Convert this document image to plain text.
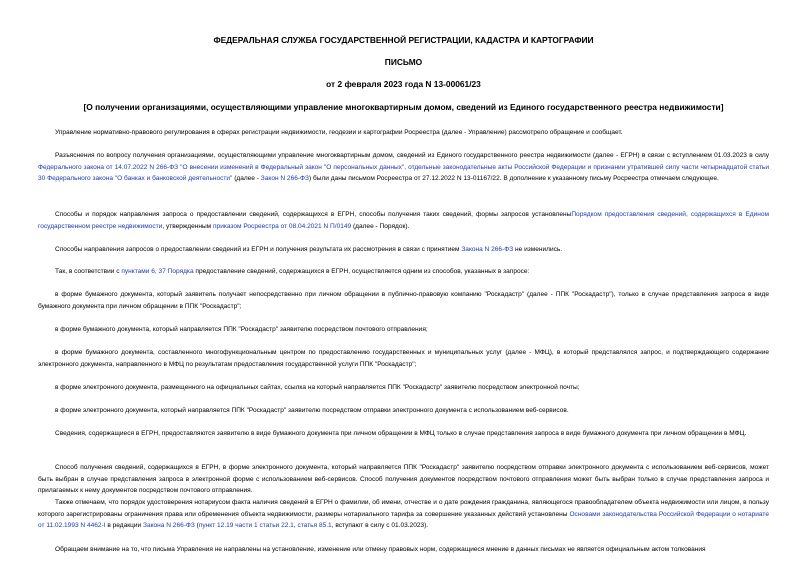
ФЕДЕРАЛЬНАЯ СЛУЖБА ГОСУДАРСТВЕННОЙ РЕГИСТРАЦИИ, КАДАСТРА И КАРТОГРАФИИ
ПИСЬМО
от 2 февраля 2023 года N 13-00061/23
[О получении организациями, осуществляющими управление многоквартирным домом, сведений из Единого государственного реестра недвижимости]

Управление нормативно-правового регулирования в сферах регистрации недвижимости, геодезии и картографии Росреестра (далее - Управление) рассмотрело обращение и сообщает.

Разъяснения по вопросу получения организациями, осуществляющими управление многоквартирным домом, сведений из Единого государственного реестра недвижимости (далее - ЕГРН) в связи с вступлением 01.03.2023 в силу Федерального закона от 14.07.2022 N 266-ФЗ "О внесении изменений в Федеральный закон "О персональных данных", отдельные законодательные акты Российской Федерации и признании утратившей силу части четырнадцатой статьи 30 Федерального закона "О банках и банковской деятельности" (далее - Закон N 266-ФЗ) были даны письмом Росреестра от 27.12.2022 N 13-01167/22. В дополнение к указанному письму Росреестра отмечаем следующее.

Способы и порядок направления запроса о предоставлении сведений, содержащихся в ЕГРН, способы получения таких сведений, формы запросов установленыПорядком предоставления сведений, содержащихся в Едином государственном реестре недвижимости, утвержденным приказом Росреестра от 08.04.2021 N П/0149 (далее - Порядок).

Способы направления запросов о предоставлении сведений из ЕГРН и получения результата их рассмотрения в связи с принятием Закона N 266-ФЗ не изменились.

Так, в соответствии с пунктами 6, 37 Порядка предоставление сведений, содержащихся в ЕГРН, осуществляется одним из способов, указанных в запросе:

в форме бумажного документа, который заявитель получает непосредственно при личном обращении в публично-правовую компанию "Роскадастр" (далее - ППК "Роскадастр"), только в случае представления запроса в виде бумажного документа при личном обращении в ППК "Роскадастр";

в форме бумажного документа, который направляется ППК "Роскадастр" заявителю посредством почтового отправления;

в форме бумажного документа, составленного многофункциональным центром по предоставлению государственных и муниципальных услуг (далее - МФЦ), в который представлялся запрос, и подтверждающего содержание электронного документа, направленного в МФЦ по результатам предоставления государственной услуги ППК "Роскадастр";

в форме электронного документа, размещенного на официальных сайтах, ссылка на который направляется ППК "Роскадастр" заявителю посредством электронной почты;

в форме электронного документа, который направляется ППК "Роскадастр" заявителю посредством отправки электронного документа с использованием веб-сервисов.

Сведения, содержащиеся в ЕГРН, предоставляются заявителю в виде бумажного документа при личном обращении в МФЦ только в случае представления запроса в виде бумажного документа при личном обращении в МФЦ.

Способ получения сведений, содержащихся в ЕГРН, в форме электронного документа, который направляется ППК "Роскадастр" заявителю посредством отправки электронного документа с использованием веб-сервисов, может быть выбран в случае представления запроса в электронной форме с использованием веб-сервисов. Способ получения документов посредством почтового отправления может быть выбран только в случае представления запроса и прилагаемых к нему документов посредством почтового отправления.

Также отмечаем, что порядок удостоверения нотариусом факта наличия сведений в ЕГРН о фамилии, об имени, отчестве и о дате рождения гражданина, являющегося правообладателем объекта недвижимости или лицом, в пользу которого зарегистрированы ограничения права или обременения объекта недвижимости, размеры нотариального тарифа за совершение указанных действий установлены Основами законодательства Российской Федерации о нотариате от 11.02.1993 N 4462-I в редакции Закона N 266-ФЗ (пункт 12.19 части 1 статьи 22.1, статья 85.1, вступают в силу с 01.03.2023).

Обращаем внимание на то, что письма Управления не направлены на установление, изменение или отмену правовых норм, содержащиеся мнение в данных письмах не является официальным актом толкования
